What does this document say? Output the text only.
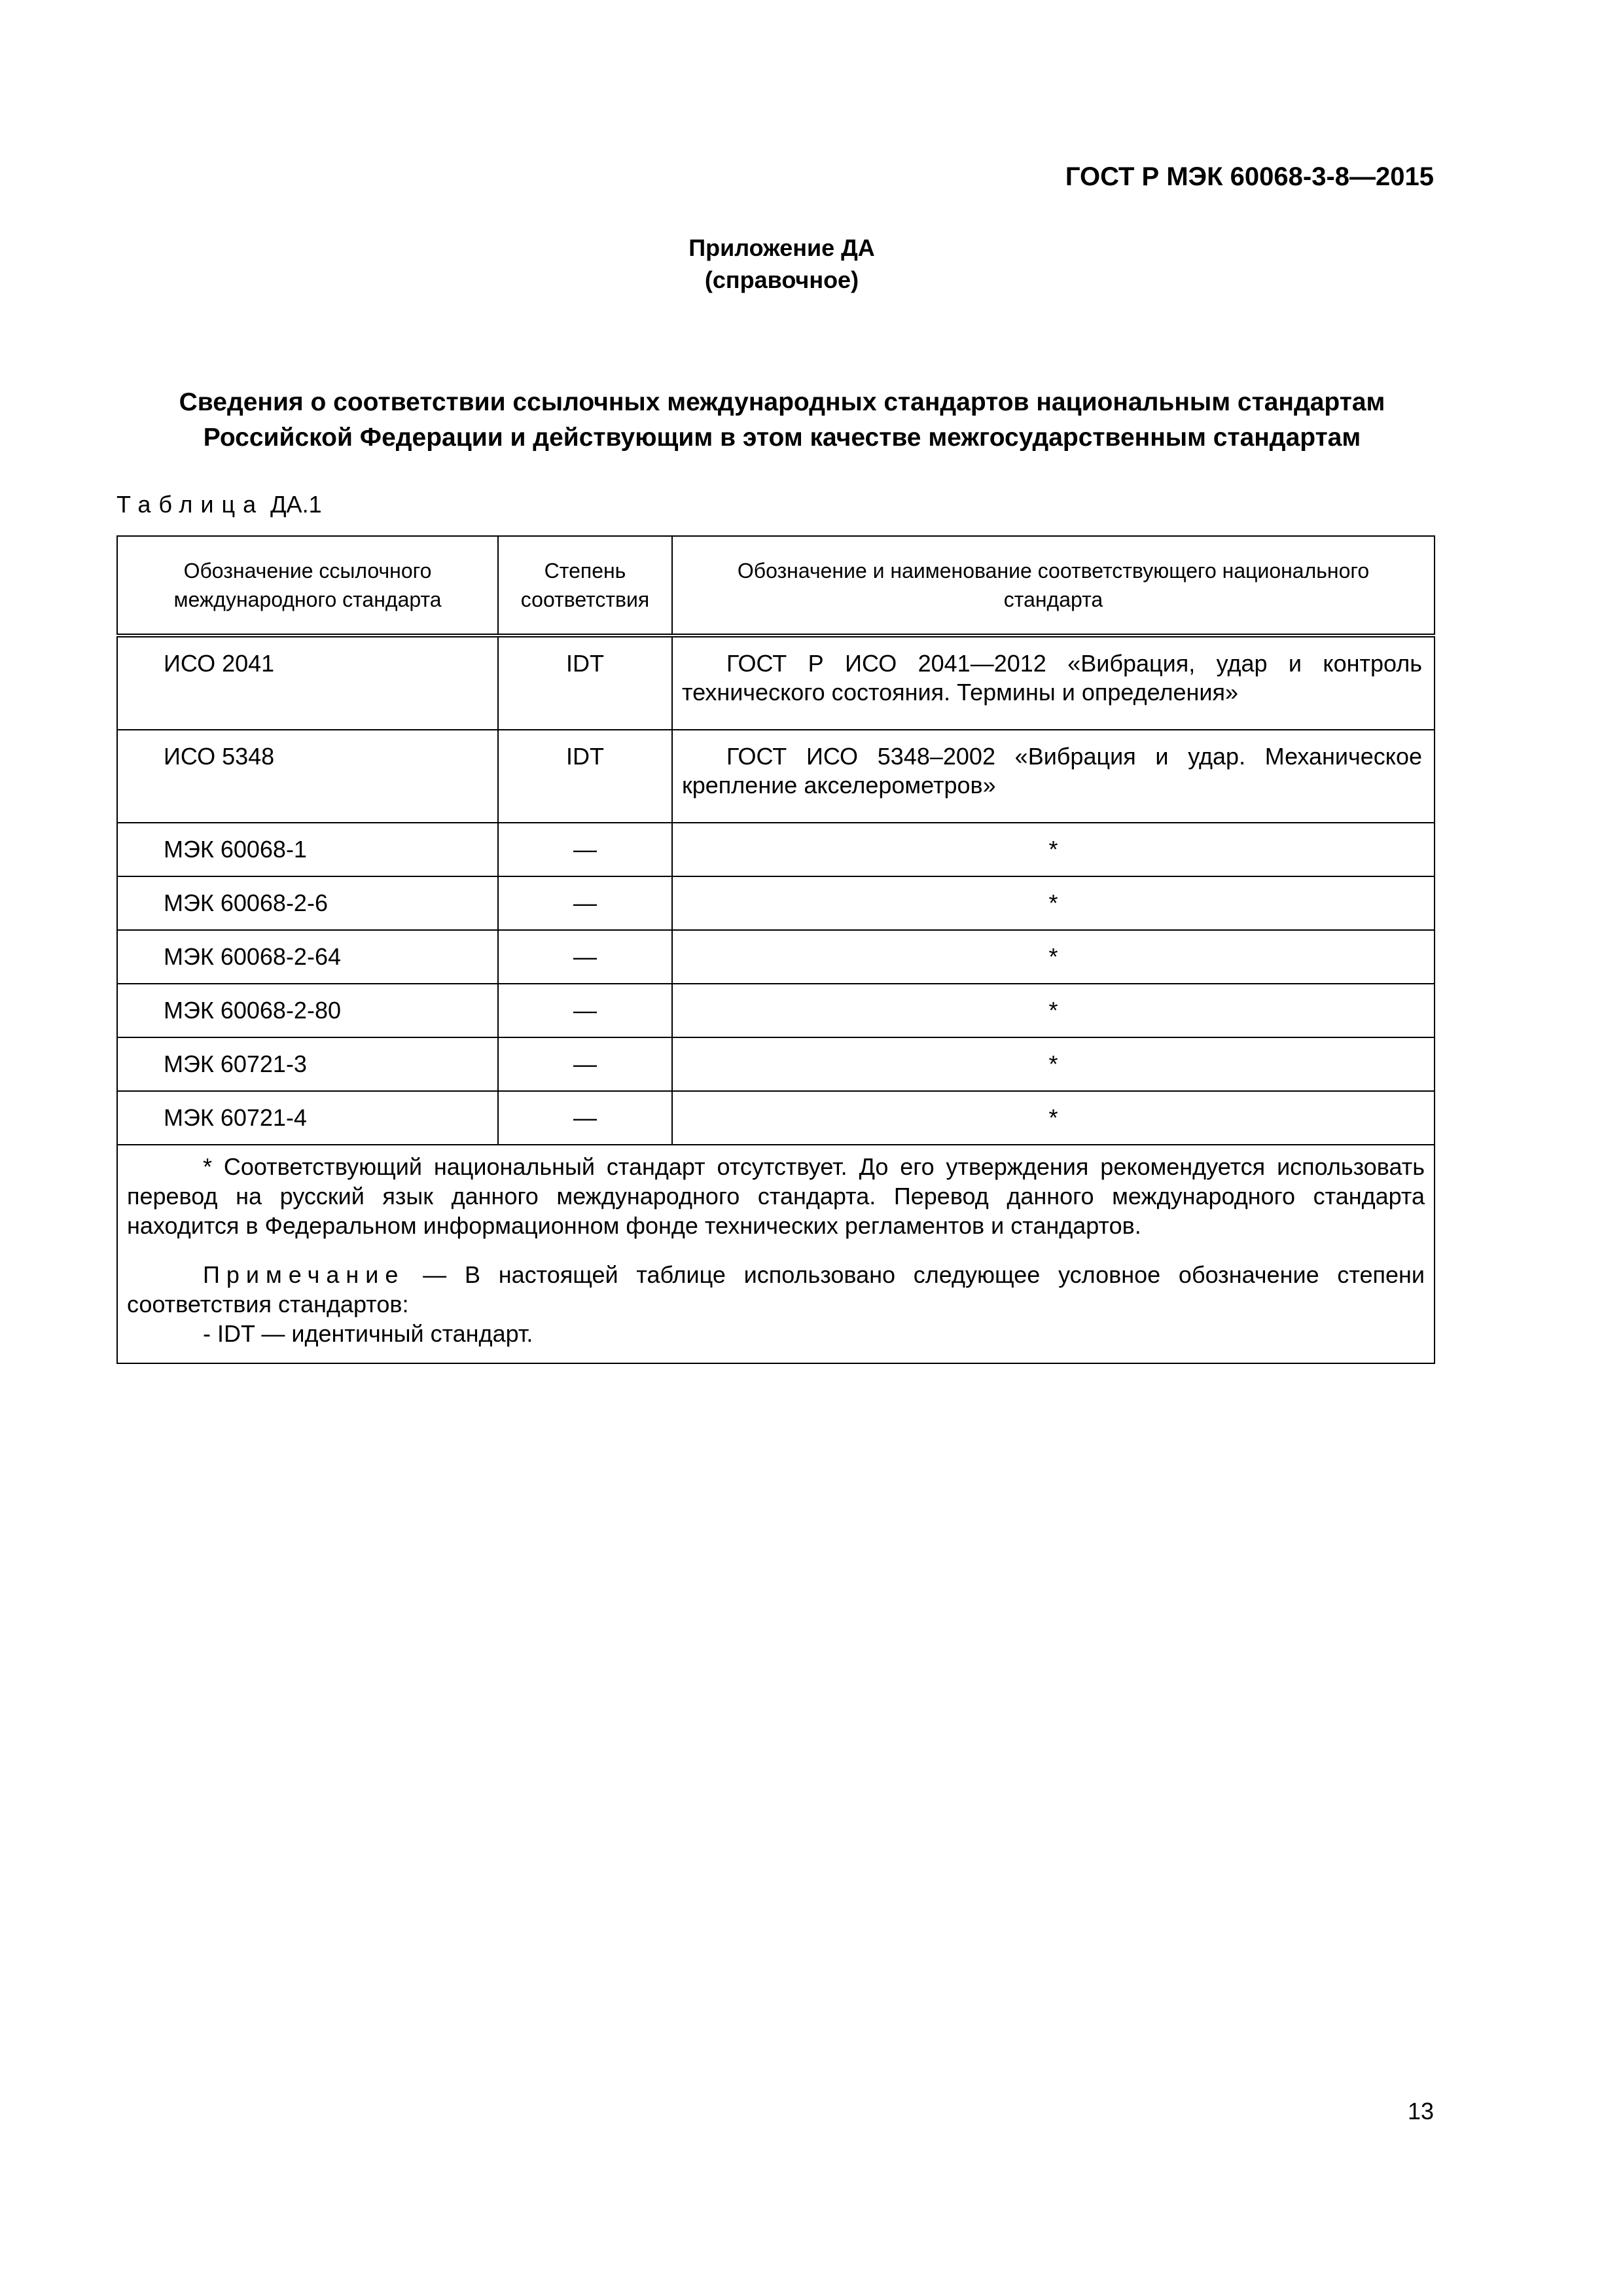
ГОСТ Р МЭК 60068-3-8—2015
Приложение ДА
(справочное)
Сведения о соответствии ссылочных международных стандартов национальным стандартам
Российской Федерации и действующим в этом качестве межгосударственным стандартам
Таблица ДА.1
Обозначение ссылочного международного стандарта	Степень соответствия	Обозначение и наименование соответствующего национального стандарта
ИСО 2041	IDT	ГОСТ Р ИСО 2041—2012 «Вибрация, удар и контроль технического состояния. Термины и определения»
ИСО 5348	IDT	ГОСТ ИСО 5348–2002 «Вибрация и удар. Механическое крепление акселерометров»
МЭК 60068-1	—	*
МЭК 60068-2-6	—	*
МЭК 60068-2-64	—	*
МЭК 60068-2-80	—	*
МЭК 60721-3	—	*
МЭК 60721-4	—	*

* Соответствующий национальный стандарт отсутствует. До его утверждения рекомендуется использовать перевод на русский язык данного международного стандарта. Перевод данного международного стандарта находится в Федеральном информационном фонде технических регламентов и стандартов.

Примечание — В настоящей таблице использовано следующее условное обозначение степени соответствия стандартов:

- IDT — идентичный стандарт.		

13
